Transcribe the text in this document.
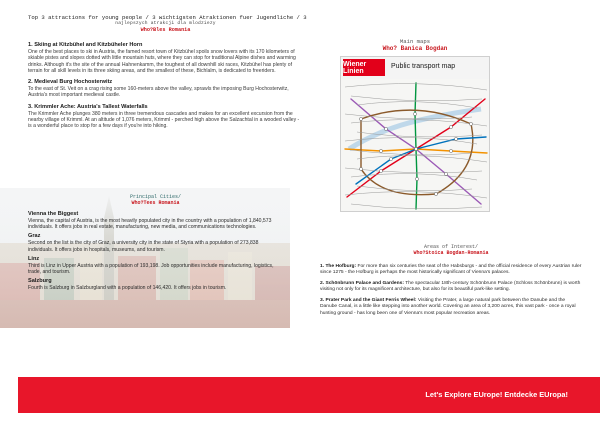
Top 3 attractions for young people / 3 wichtigsten Atraktionen fuer Jugendliche / 3
najlepszych atrakcji dla mlodziezy
Who?Bles Romania
1. Skiing at Kitzbühel and Kitzbüheler Horn
One of the best places to ski in Austria, the famed resort town of Kitzbühel spoils snow lovers with its 170 kilometers of skiable pistes and slopes dotted with little mountain huts, where they can stop for traditional Alpine dishes and warming drinks. Although it's the site of the annual Hahnenkamm, the toughest of all downhill ski races, Kitzbühel has plenty of terrain for all skill levels in its three skiing areas, and the smallest of these, Bichlalm, is dedicated to freeriders.
2. Medieval Burg Hochosterwitz
To the east of St. Veit on a crag rising some 160-meters above the valley, sprawls the imposing Burg Hochosterwitz, Austria's most important medieval castle.
3. Krimmler Ache: Austria's Tallest Waterfalls
The Krimmler Ache plunges 380 meters in three tremendous cascades and makes for an excellent excursion from the nearby village of Krimml. At an altitude of 1,076 meters, Krimml - perched high above the Salzachtal in a wooded valley - is a wonderful place to stop for a few days if you're into hiking.
Main maps
Who? Banica Bogdan
Wiener Linien
Public transport map
Principal Cities/
Who?Tees Romania
Vienna the Biggest
Vienna, the capital of Austria, is the most heavily populated city in the country with a population of 1,840,573 individuals. It offers jobs in real estate, manufacturing, new media, and communications technologies.
Graz
Second on the list is the city of Graz, a university city in the state of Styria with a population of 273,838 individuals. It offers jobs in hospitals, museums, and tourism.
Linz
Third is Linz in Upper Austria with a population of 193,198. Job opportunities include manufacturing, logistics, trade, and tourism.
Salzburg
Fourth is Salzburg in Salzburgland with a population of 146,420. It offers jobs in tourism.
Areas of Interest/
Who?Stoica Bogdan-Romania
1. The Hofburg: For more than six centuries the seat of the Habsburgs - and the official residence of every Austrian ruler since 1275 - the Hofburg is perhaps the most historically significant of Vienna's palaces.
2. Schönbrunn Palace and Gardens: The spectacular 18th-century Schönbrunn Palace (Schloss Schönbrunn) is worth visiting not only for its magnificent architecture, but also for its beautiful park-like setting.
3. Prater Park and the Giant Ferris Wheel: Visiting the Prater, a large natural park between the Danube and the Danube Canal, is a little like stepping into another world. Covering an area of 3,200 acres, this vast park - once a royal hunting ground - has long been one of Vienna's most popular recreation areas.
Let's Explore EUrope! Entdecke EUropa!
